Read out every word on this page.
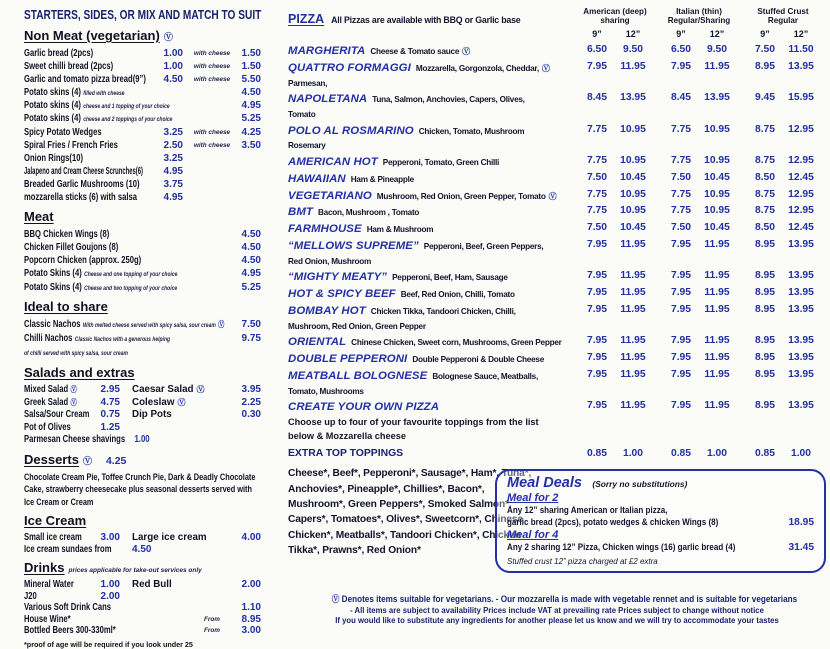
STARTERS, SIDES, OR MIX AND MATCH TO SUIT
Non Meat (vegetarian) Ⓥ
Garlic bread (2pcs)	1.00	with cheese	1.50
Sweet chilli bread (2pcs)	1.00	with cheese	1.50
Garlic and tomato pizza bread(9”)	4.50	with cheese	5.50
Potato skins (4) filled with cheese	4.50
Potato skins (4) cheese and 1 topping of your choice	4.95
Potato skins (4) cheese and 2 toppings of your choice	5.25
Spicy Potato Wedges	3.25	with cheese	4.25
Spiral Fries / French Fries	2.50	with cheese	3.50
Onion Rings(10)	3.25
Jalapeno and Cream Cheese Scrunches(6)	4.95
Breaded Garlic Mushrooms (10)	3.75
mozzarella sticks (6) with salsa	4.95
Meat
BBQ Chicken Wings (8)	4.50
Chicken Fillet Goujons (8)	4.50
Popcorn Chicken (approx. 250g)	4.50
Potato Skins (4) Cheese and one topping of your choice	4.95
Potato Skins (4) Cheese and two topping of your choice	5.25
Ideal to share
Classic Nachos With melted cheese served with spicy salsa, sour cream Ⓥ	7.50
Chilli Nachos Classic Nachos with a generous helping	9.75
of chilli served with spicy salsa, sour cream
Salads and extras
Mixed Salad Ⓥ	2.95 Caesar Salad Ⓥ	3.95
Greek Salad Ⓥ	4.75 Coleslaw Ⓥ	2.25
Salsa/Sour Cream	0.75 Dip Pots	0.30
Pot of Olives	1.25
Parmesan Cheese shavings 1.00
Desserts Ⓥ 4.25
Chocolate Cream Pie, Toffee Crunch Pie, Dark & Deadly Chocolate Cake, strawberry cheesecake plus seasonal desserts served with Ice Cream or Cream
Ice Cream
Small ice cream	3.00 Large ice cream	4.00
Ice cream sundaes from 4.50
Drinks prices applicable for take-out services only
Mineral Water	1.00 Red Bull	2.00
J20	2.00
Various Soft Drink Cans	1.10
House Wine*	From	8.95
Bottled Beers 300-330ml*	From	3.00
*proof of age will be required if you look under 25
PIZZA All Pizzas are available with BBQ or Garlic base
American (deep)
sharing
Italian (thin)
Regular/Sharing
Stuffed Crust
Regular
9”	12”	9”	12”	9”	12”
MARGHERITA Cheese & Tomato sauce Ⓥ	6.50	9.50	6.50	9.50	7.50	11.50
QUATTRO FORMAGGI Mozzarella, Gorgonzola, Cheddar, Ⓥ
Parmesan,
7.95	11.95	7.95	11.95	8.95	13.95
NAPOLETANA Tuna, Salmon, Anchovies, Capers, Olives,
Tomato
8.45	13.95	8.45	13.95	9.45	15.95
POLO AL ROSMARINO Chicken, Tomato, Mushroom
Rosemary
7.75	10.95	7.75	10.95	8.75	12.95
AMERICAN HOT Pepperoni, Tomato, Green Chilli	7.75	10.95	7.75	10.95	8.75	12.95
HAWAIIAN Ham & Pineapple	7.50	10.45	7.50	10.45	8.50	12.45
VEGETARIANO Mushroom, Red Onion, Green Pepper, Tomato Ⓥ	7.75	10.95	7.75	10.95	8.75	12.95
BMT Bacon, Mushroom , Tomato	7.75	10.95	7.75	10.95	8.75	12.95
FARMHOUSE Ham & Mushroom	7.50	10.45	7.50	10.45	8.50	12.45
“MELLOWS SUPREME” Pepperoni, Beef, Green Peppers,
Red Onion, Mushroom
7.95	11.95	7.95	11.95	8.95	13.95
“MIGHTY MEATY” Pepperoni, Beef, Ham, Sausage	7.95	11.95	7.95	11.95	8.95	13.95
HOT & SPICY BEEF Beef, Red Onion, Chilli, Tomato	7.95	11.95	7.95	11.95	8.95	13.95
BOMBAY HOT Chicken Tikka, Tandoori Chicken, Chilli,
Mushroom, Red Onion, Green Pepper
7.95	11.95	7.95	11.95	8.95	13.95
ORIENTAL Chinese Chicken, Sweet corn, Mushrooms, Green Pepper	7.95	11.95	7.95	11.95	8.95	13.95
DOUBLE PEPPERONI Double Pepperoni & Double Cheese	7.95	11.95	7.95	11.95	8.95	13.95
MEATBALL BOLOGNESE Bolognese Sauce, Meatballs,
Tomato, Mushrooms
7.95	11.95	7.95	11.95	8.95	13.95
CREATE YOUR OWN PIZZA
Choose up to four of your favourite toppings from the list below & Mozzarella cheese
7.95	11.95	7.95	11.95	8.95	13.95
EXTRA TOP TOPPINGS	0.85	1.00	0.85	1.00	0.85	1.00
Cheese*, Beef*, Pepperoni*, Sausage*, Ham*, Tuna*, Anchovies*, Pineapple*, Chillies*, Bacon*, Mushroom*, Green Peppers*, Smoked Salmon*, Capers*, Tomatoes*, Olives*, Sweetcorn*, Chinese Chicken*, Meatballs*, Tandoori Chicken*, Chicken Tikka*, Prawns*, Red Onion*
Meal Deals (Sorry no substitutions)
Meal for 2
Any 12” sharing American or Italian pizza,
garlic bread (2pcs), potato wedges & chicken Wings (8)	18.95
Meal for 4
Any 2 sharing 12” Pizza, Chicken wings (16) garlic bread (4)	31.45
Stuffed crust 12” pizza charged at £2 extra
Ⓥ Denotes items suitable for vegetarians. - Our mozzarella is made with vegetable rennet and is suitable for vegetarians
- All items are subject to availability Prices include VAT at prevailing rate Prices subject to change without notice
If you would like to substitute any ingredients for another please let us know and we will try to accommodate your tastes
